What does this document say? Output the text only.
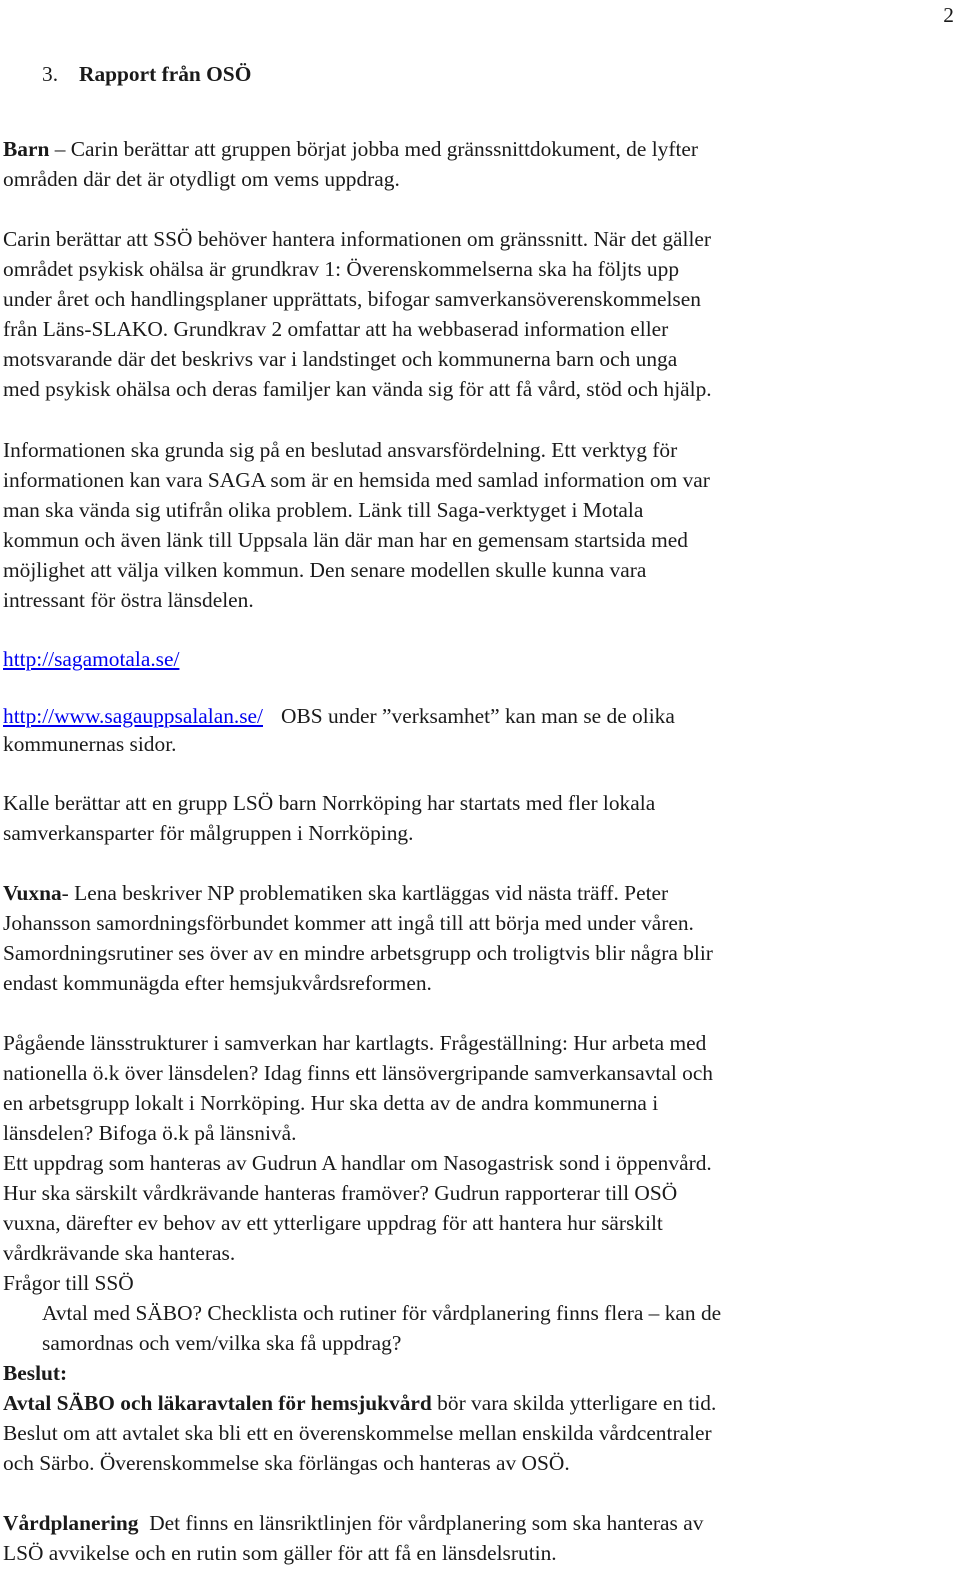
2
3. Rapport från OSÖ
Barn – Carin berättar att gruppen börjat jobba med gränssnittdokument, de lyfter
områden där det är otydligt om vems uppdrag.
Carin berättar att SSÖ behöver hantera informationen om gränssnitt. När det gäller
området psykisk ohälsa är grundkrav 1: Överenskommelserna ska ha följts upp
under året och handlingsplaner upprättats, bifogar samverkansöverenskommelsen
från Läns-SLAKO. Grundkrav 2 omfattar att ha webbaserad information eller
motsvarande där det beskrivs var i landstinget och kommunerna barn och unga
med psykisk ohälsa och deras familjer kan vända sig för att få vård, stöd och hjälp.
Informationen ska grunda sig på en beslutad ansvarsfördelning. Ett verktyg för
informationen kan vara SAGA som är en hemsida med samlad information om var
man ska vända sig utifrån olika problem. Länk till Saga-verktyget i Motala
kommun och även länk till Uppsala län där man har en gemensam startsida med
möjlighet att välja vilken kommun. Den senare modellen skulle kunna vara
intressant för östra länsdelen.
http://sagamotala.se/
http://www.sagauppsalalan.se/ OBS under ”verksamhet” kan man se de olika
kommunernas sidor.
Kalle berättar att en grupp LSÖ barn Norrköping har startats med fler lokala
samverkansparter för målgruppen i Norrköping.
Vuxna- Lena beskriver NP problematiken ska kartläggas vid nästa träff. Peter
Johansson samordningsförbundet kommer att ingå till att börja med under våren.
Samordningsrutiner ses över av en mindre arbetsgrupp och troligtvis blir några blir
endast kommunägda efter hemsjukvårdsreformen.
Pågående länsstrukturer i samverkan har kartlagts. Frågeställning: Hur arbeta med
nationella ö.k över länsdelen? Idag finns ett länsövergripande samverkansavtal och
en arbetsgrupp lokalt i Norrköping. Hur ska detta av de andra kommunerna i
länsdelen? Bifoga ö.k på länsnivå.
Ett uppdrag som hanteras av Gudrun A handlar om Nasogastrisk sond i öppenvård.
Hur ska särskilt vårdkrävande hanteras framöver? Gudrun rapporterar till OSÖ
vuxna, därefter ev behov av ett ytterligare uppdrag för att hantera hur särskilt
vårdkrävande ska hanteras.
Frågor till SSÖ
Avtal med SÄBO? Checklista och rutiner för vårdplanering finns flera – kan de
samordnas och vem/vilka ska få uppdrag?
Beslut:
Avtal SÄBO och läkaravtalen för hemsjukvård bör vara skilda ytterligare en tid.
Beslut om att avtalet ska bli ett en överenskommelse mellan enskilda vårdcentraler
och Särbo. Överenskommelse ska förlängas och hanteras av OSÖ.
Vårdplanering  Det finns en länsriktlinjen för vårdplanering som ska hanteras av
LSÖ avvikelse och en rutin som gäller för att få en länsdelsrutin.
